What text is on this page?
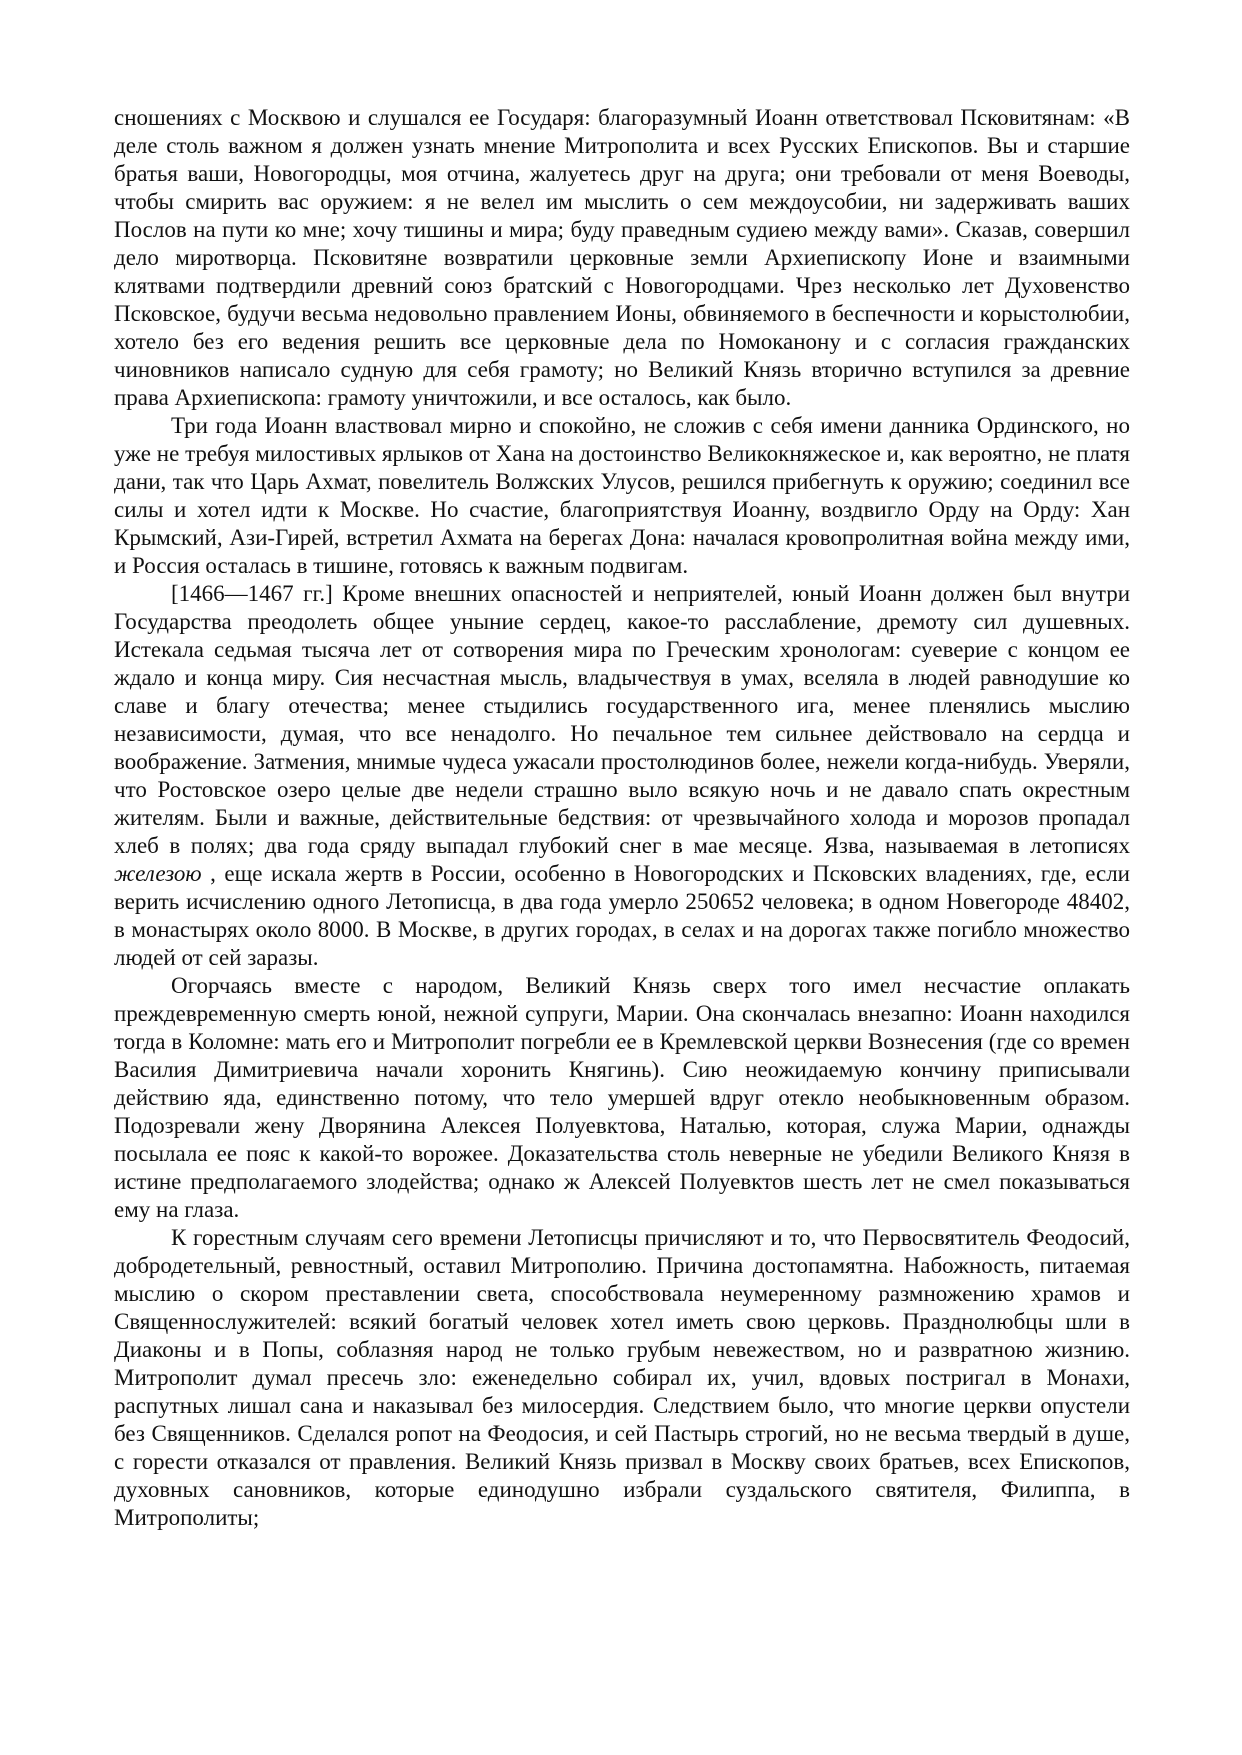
сношениях с Москвою и слушался ее Государя: благоразумный Иоанн ответствовал Псковитянам: «В деле столь важном я должен узнать мнение Митрополита и всех Русских Епископов. Вы и старшие братья ваши, Новогородцы, моя отчина, жалуетесь друг на друга; они требовали от меня Воеводы, чтобы смирить вас оружием: я не велел им мыслить о сем междоусобии, ни задерживать ваших Послов на пути ко мне; хочу тишины и мира; буду праведным судиею между вами». Сказав, совершил дело миротворца. Псковитяне возвратили церковные земли Архиепископу Ионе и взаимными клятвами подтвердили древний союз братский с Новогородцами. Чрез несколько лет Духовенство Псковское, будучи весьма недовольно правлением Ионы, обвиняемого в беспечности и корыстолюбии, хотело без его ведения решить все церковные дела по Номоканону и с согласия гражданских чиновников написало судную для себя грамоту; но Великий Князь вторично вступился за древние права Архиепископа: грамоту уничтожили, и все осталось, как было.

Три года Иоанн властвовал мирно и спокойно, не сложив с себя имени данника Ординского, но уже не требуя милостивых ярлыков от Хана на достоинство Великокняжеское и, как вероятно, не платя дани, так что Царь Ахмат, повелитель Волжских Улусов, решился прибегнуть к оружию; соединил все силы и хотел идти к Москве. Но счастие, благоприятствуя Иоанну, воздвигло Орду на Орду: Хан Крымский, Ази-Гирей, встретил Ахмата на берегах Дона: началася кровопролитная война между ими, и Россия осталась в тишине, готовясь к важным подвигам.

[1466—1467 гг.] Кроме внешних опасностей и неприятелей, юный Иоанн должен был внутри Государства преодолеть общее уныние сердец, какое-то расслабление, дремоту сил душевных. Истекала седьмая тысяча лет от сотворения мира по Греческим хронологам: суеверие с концом ее ждало и конца миру. Сия несчастная мысль, владычествуя в умах, вселяла в людей равнодушие ко славе и благу отечества; менее стыдились государственного ига, менее пленялись мыслию независимости, думая, что все ненадолго. Но печальное тем сильнее действовало на сердца и воображение. Затмения, мнимые чудеса ужасали простолюдинов более, нежели когда-нибудь. Уверяли, что Ростовское озеро целые две недели страшно выло всякую ночь и не давало спать окрестным жителям. Были и важные, действительные бедствия: от чрезвычайного холода и морозов пропадал хлеб в полях; два года сряду выпадал глубокий снег в мае месяце. Язва, называемая в летописях железою , еще искала жертв в России, особенно в Новогородских и Псковских владениях, где, если верить исчислению одного Летописца, в два года умерло 250652 человека; в одном Новегороде 48402, в монастырях около 8000. В Москве, в других городах, в селах и на дорогах также погибло множество людей от сей заразы.

Огорчаясь вместе с народом, Великий Князь сверх того имел несчастие оплакать преждевременную смерть юной, нежной супруги, Марии. Она скончалась внезапно: Иоанн находился тогда в Коломне: мать его и Митрополит погребли ее в Кремлевской церкви Вознесения (где со времен Василия Димитриевича начали хоронить Княгинь). Сию неожидаемую кончину приписывали действию яда, единственно потому, что тело умершей вдруг отекло необыкновенным образом. Подозревали жену Дворянина Алексея Полуевктова, Наталью, которая, служа Марии, однажды посылала ее пояс к какой-то ворожее. Доказательства столь неверные не убедили Великого Князя в истине предполагаемого злодейства; однако ж Алексей Полуевктов шесть лет не смел показываться ему на глаза.

К горестным случаям сего времени Летописцы причисляют и то, что Первосвятитель Феодосий, добродетельный, ревностный, оставил Митрополию. Причина достопамятна. Набожность, питаемая мыслию о скором преставлении света, способствовала неумеренному размножению храмов и Священнослужителей: всякий богатый человек хотел иметь свою церковь. Празднолюбцы шли в Диаконы и в Попы, соблазняя народ не только грубым невежеством, но и развратною жизнию. Митрополит думал пресечь зло: еженедельно собирал их, учил, вдовых постригал в Монахи, распутных лишал сана и наказывал без милосердия. Следствием было, что многие церкви опустели без Священников. Сделался ропот на Феодосия, и сей Пастырь строгий, но не весьма твердый в душе, с горести отказался от правления. Великий Князь призвал в Москву своих братьев, всех Епископов, духовных сановников, которые единодушно избрали суздальского святителя, Филиппа, в Митрополиты;
